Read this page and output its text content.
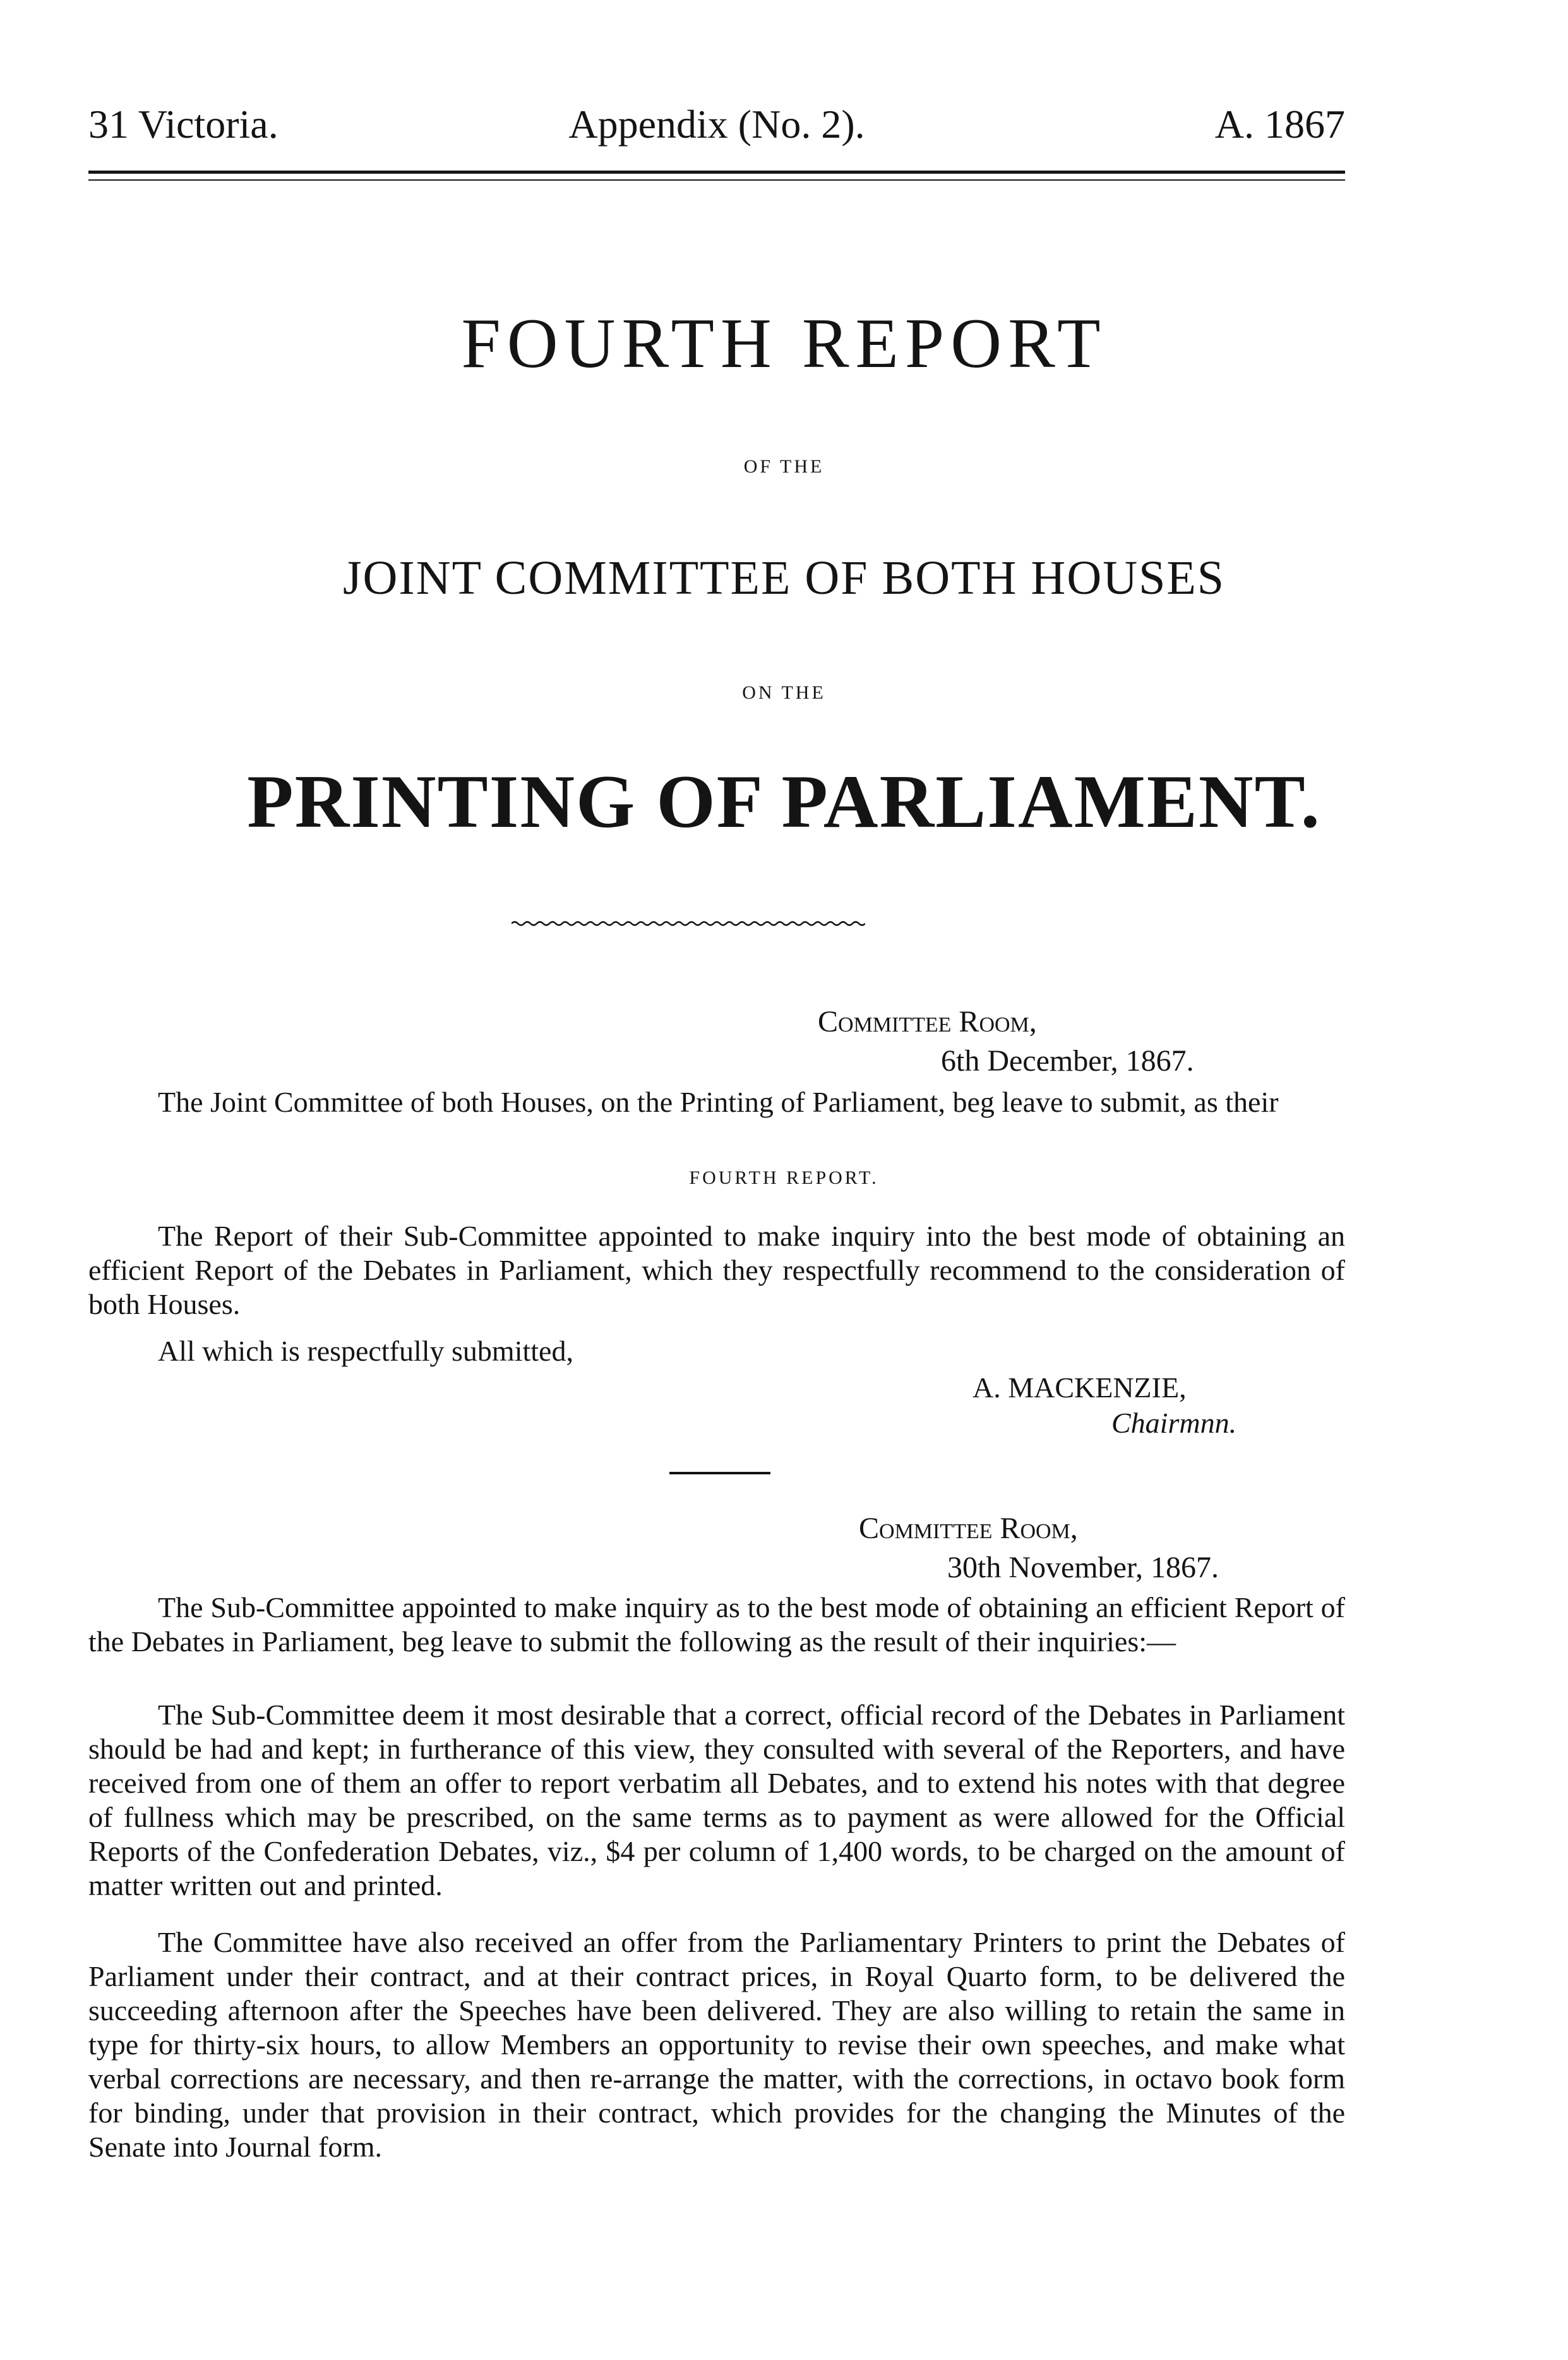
31 Victoria.	Appendix (No. 2).	A. 1867
FOURTH REPORT
OF THE
JOINT COMMITTEE OF BOTH HOUSES
ON THE
PRINTING OF PARLIAMENT.
Committee Room,
6th December, 1867.

The Joint Committee of both Houses, on the Printing of Parliament, beg leave to submit, as their

FOURTH REPORT.

The Report of their Sub-Committee appointed to make inquiry into the best mode of obtaining an efficient Report of the Debates in Parliament, which they respectfully recommend to the consideration of both Houses.

All which is respectfully submitted,

A. MACKENZIE,
Chairmnn.
Committee Room,
30th November, 1867.

The Sub-Committee appointed to make inquiry as to the best mode of obtaining an efficient Report of the Debates in Parliament, beg leave to submit the following as the result of their inquiries:—

The Sub-Committee deem it most desirable that a correct, official record of the Debates in Parliament should be had and kept; in furtherance of this view, they consulted with several of the Reporters, and have received from one of them an offer to report verbatim all Debates, and to extend his notes with that degree of fullness which may be prescribed, on the same terms as to payment as were allowed for the Official Reports of the Confederation Debates, viz., $4 per column of 1,400 words, to be charged on the amount of matter written out and printed.

The Committee have also received an offer from the Parliamentary Printers to print the Debates of Parliament under their contract, and at their contract prices, in Royal Quarto form, to be delivered the succeeding afternoon after the Speeches have been delivered. They are also willing to retain the same in type for thirty-six hours, to allow Members an opportunity to revise their own speeches, and make what verbal corrections are necessary, and then re-arrange the matter, with the corrections, in octavo book form for binding, under that provision in their contract, which provides for the changing the Minutes of the Senate into Journal form.
